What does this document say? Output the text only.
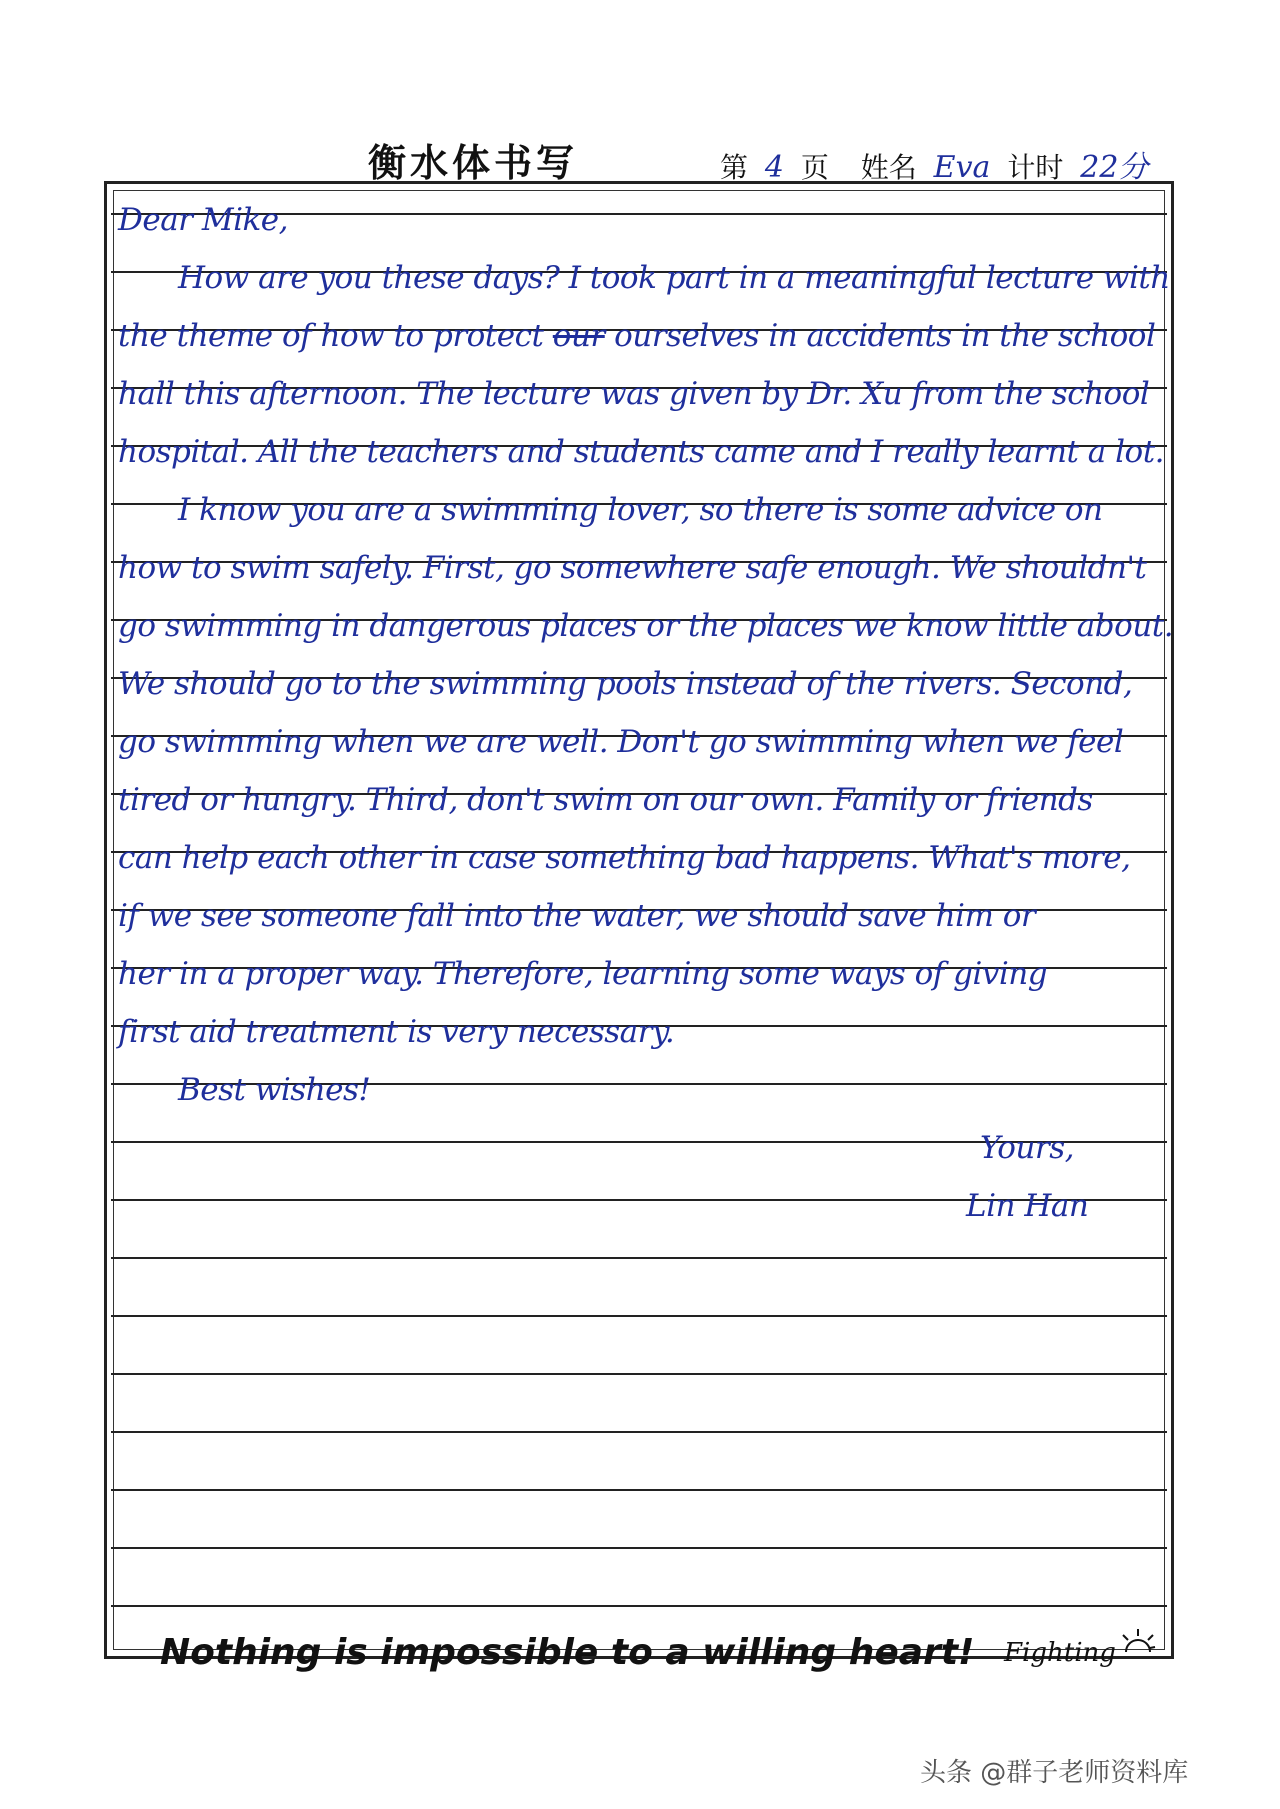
衡水体书写	第 4 页 姓名 Eva 计时 22分
Dear Mike,
How are you these days? I took part in a meaningful lecture with
the theme of how to protect our ourselves in accidents in the school
hall this afternoon. The lecture was given by Dr. Xu from the school
hospital. All the teachers and students came and I really learnt a lot.
I know you are a swimming lover, so there is some advice on
how to swim safely. First, go somewhere safe enough. We shouldn't
go swimming in dangerous places or the places we know little about.
We should go to the swimming pools instead of the rivers. Second,
go swimming when we are well. Don't go swimming when we feel
tired or hungry. Third, don't swim on our own. Family or friends
can help each other in case something bad happens. What's more,
if we see someone fall into the water, we should save him or
her in a proper way. Therefore, learning some ways of giving
first aid treatment is very necessary.
Best wishes!
Yours,
Lin Han
Nothing is impossible to a willing heart! Fighting
头条 @群子老师资料库
